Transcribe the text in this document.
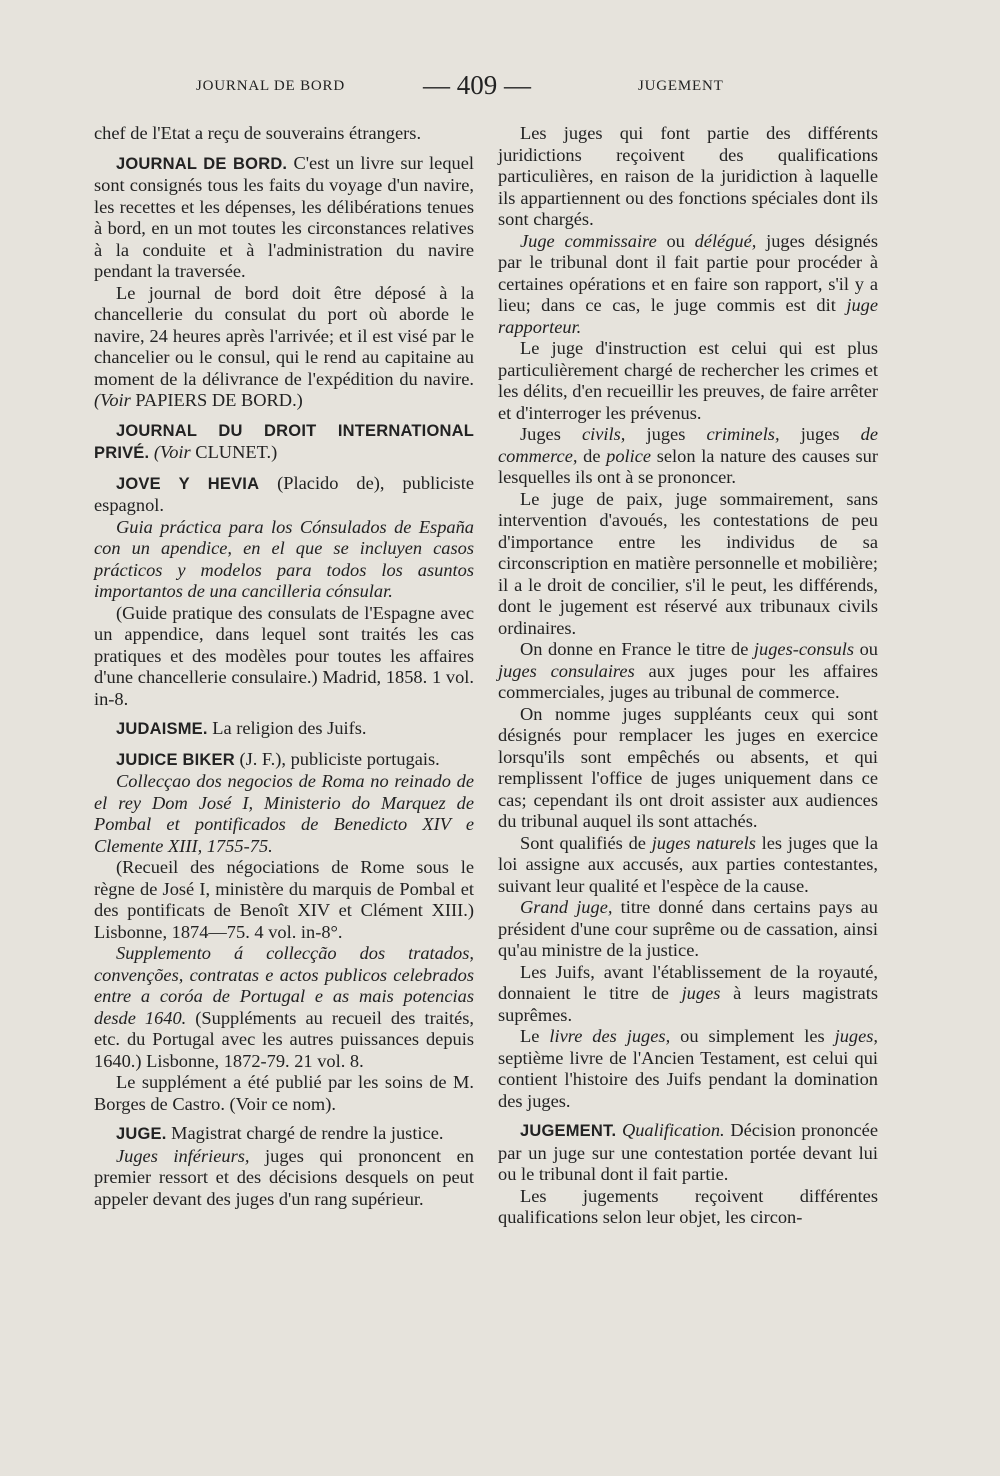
JOURNAL DE BORD	— 409 —	JUGEMENT

chef de l'Etat a reçu de souverains étrangers.

JOURNAL DE BORD. C'est un livre sur lequel sont consignés tous les faits du voyage d'un navire, les recettes et les dépenses, les délibérations tenues à bord, en un mot toutes les circonstances relatives à la conduite et à l'administration du navire pendant la traversée.

Le journal de bord doit être déposé à la chancellerie du consulat du port où aborde le navire, 24 heures après l'arrivée; et il est visé par le chancelier ou le consul, qui le rend au capitaine au moment de la délivrance de l'expédition du navire. (Voir PAPIERS DE BORD.)

JOURNAL DU DROIT INTERNATIONAL PRIVÉ. (Voir CLUNET.)

JOVE Y HEVIA (Placido de), publiciste espagnol.

Guia práctica para los Cónsulados de España con un apendice, en el que se incluyen casos prácticos y modelos para todos los asuntos importantos de una cancilleria cónsular.

(Guide pratique des consulats de l'Espagne avec un appendice, dans lequel sont traités les cas pratiques et des modèles pour toutes les affaires d'une chancellerie consulaire.) Madrid, 1858. 1 vol. in-8.

JUDAISME. La religion des Juifs.

JUDICE BIKER (J. F.), publiciste portugais.

Collecçao dos negocios de Roma no reinado de el rey Dom José I, Ministerio do Marquez de Pombal et pontificados de Benedicto XIV e Clemente XIII, 1755-75.

(Recueil des négociations de Rome sous le règne de José I, ministère du marquis de Pombal et des pontificats de Benoît XIV et Clément XIII.) Lisbonne, 1874—75. 4 vol. in-8°.

Supplemento á collecção dos tratados, convenções, contratas e actos publicos celebrados entre a coróa de Portugal e as mais potencias desde 1640. (Suppléments au recueil des traités, etc. du Portugal avec les autres puissances depuis 1640.) Lisbonne, 1872-79. 21 vol. 8.

Le supplément a été publié par les soins de M. Borges de Castro. (Voir ce nom).

JUGE. Magistrat chargé de rendre la justice.

Juges inférieurs, juges qui prononcent en premier ressort et des décisions desquels on peut appeler devant des juges d'un rang supérieur.

Les juges qui font partie des différents juridictions reçoivent des qualifications particulières, en raison de la juridiction à laquelle ils appartiennent ou des fonctions spéciales dont ils sont chargés.

Juge commissaire ou délégué, juges désignés par le tribunal dont il fait partie pour procéder à certaines opérations et en faire son rapport, s'il y a lieu; dans ce cas, le juge commis est dit juge rapporteur.

Le juge d'instruction est celui qui est plus particulièrement chargé de rechercher les crimes et les délits, d'en recueillir les preuves, de faire arrêter et d'interroger les prévenus.

Juges civils, juges criminels, juges de commerce, de police selon la nature des causes sur lesquelles ils ont à se prononcer.

Le juge de paix, juge sommairement, sans intervention d'avoués, les contestations de peu d'importance entre les individus de sa circonscription en matière personnelle et mobilière; il a le droit de concilier, s'il le peut, les différends, dont le jugement est réservé aux tribunaux civils ordinaires.

On donne en France le titre de juges-consuls ou juges consulaires aux juges pour les affaires commerciales, juges au tribunal de commerce.

On nomme juges suppléants ceux qui sont désignés pour remplacer les juges en exercice lorsqu'ils sont empêchés ou absents, et qui remplissent l'office de juges uniquement dans ce cas; cependant ils ont droit assister aux audiences du tribunal auquel ils sont attachés.

Sont qualifiés de juges naturels les juges que la loi assigne aux accusés, aux parties contestantes, suivant leur qualité et l'espèce de la cause.

Grand juge, titre donné dans certains pays au président d'une cour suprême ou de cassation, ainsi qu'au ministre de la justice.

Les Juifs, avant l'établissement de la royauté, donnaient le titre de juges à leurs magistrats suprêmes.

Le livre des juges, ou simplement les juges, septième livre de l'Ancien Testament, est celui qui contient l'histoire des Juifs pendant la domination des juges.

JUGEMENT. Qualification. Décision prononcée par un juge sur une contestation portée devant lui ou le tribunal dont il fait partie.

Les jugements reçoivent différentes qualifications selon leur objet, les circon-
